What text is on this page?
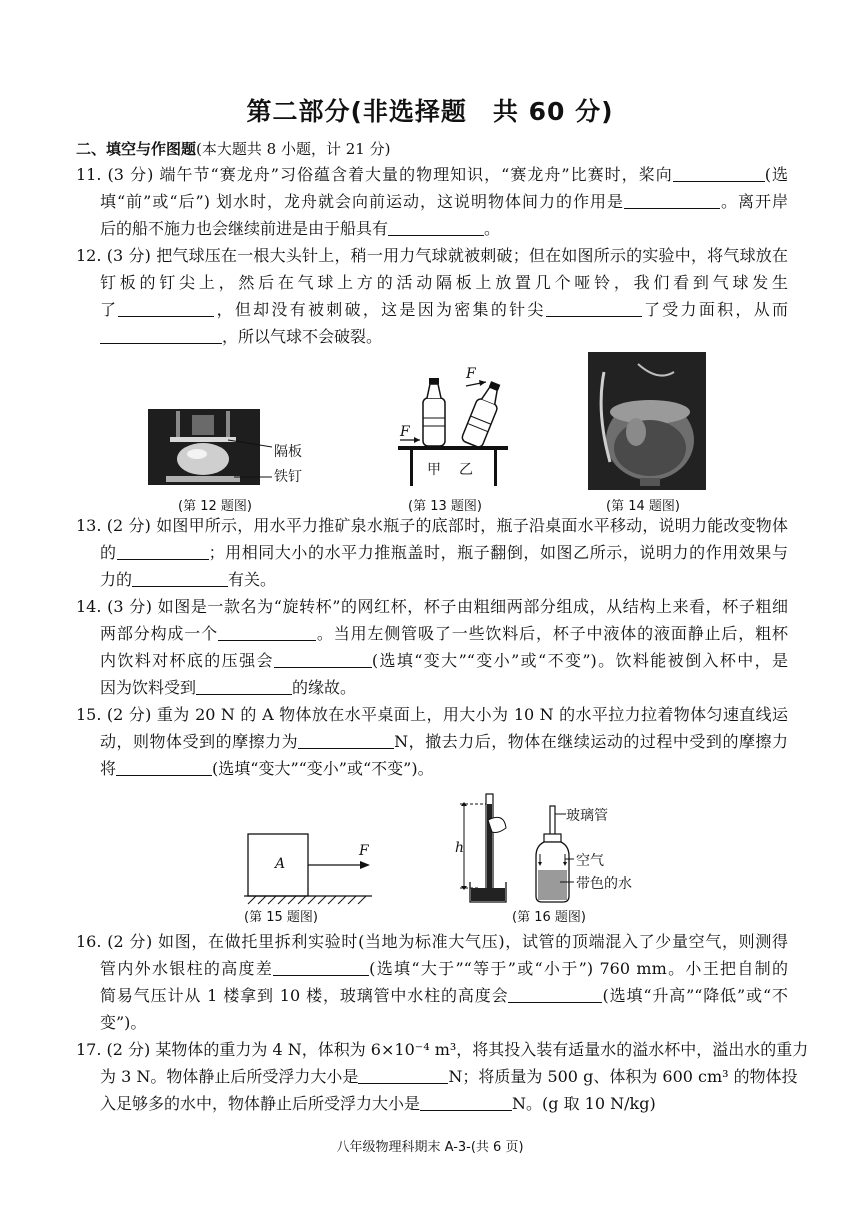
第二部分(非选择题　共 60 分)
二、填空与作图题(本大题共 8 小题，计 21 分)
11. (3 分) 端午节“赛龙舟”习俗蕴含着大量的物理知识，“赛龙舟”比赛时，桨向	(选
填“前”或“后”) 划水时，龙舟就会向前运动，这说明物体间力的作用是	。离开岸
后的船不施力也会继续前进是由于船具有	。
12. (3 分) 把气球压在一根大头针上，稍一用力气球就被刺破；但在如图所示的实验中，将气球放在
钉板的钉尖上，然后在气球上方的活动隔板上放置几个哑铃，我们看到气球发生
了	，但却没有被刺破，这是因为密集的针尖	了受力面积，从而
，所以气球不会破裂。
隔板
铁钉
(第 12 题图)
F
F
甲 乙
(第 13 题图)	(第 14 题图)
13. (2 分) 如图甲所示，用水平力推矿泉水瓶子的底部时，瓶子沿桌面水平移动，说明力能改变物体
的	；用相同大小的水平力推瓶盖时，瓶子翻倒，如图乙所示，说明力的作用效果与
力的	有关。
14. (3 分) 如图是一款名为“旋转杯”的网红杯，杯子由粗细两部分组成，从结构上来看，杯子粗细
两部分构成一个	。当用左侧管吸了一些饮料后，杯子中液体的液面静止后，粗杯
内饮料对杯底的压强会	(选填“变大”“变小”或“不变”)。饮料能被倒入杯中，是
因为饮料受到	的缘故。
15. (2 分) 重为 20 N 的 A 物体放在水平桌面上，用大小为 10 N 的水平拉力拉着物体匀速直线运
动，则物体受到的摩擦力为	N，撤去力后，物体在继续运动的过程中受到的摩擦力
将	(选填“变大”“变小”或“不变”)。
A
F
(第 15 题图)
h
玻璃管
空气
带色的水
(第 16 题图)
16. (2 分) 如图，在做托里拆利实验时(当地为标准大气压)，试管的顶端混入了少量空气，则测得
管内外水银柱的高度差	(选填“大于”“等于”或“小于”) 760 mm。小王把自制的
简易气压计从 1 楼拿到 10 楼，玻璃管中水柱的高度会	(选填“升高”“降低”或“不
变”)。
17. (2 分) 某物体的重力为 4 N，体积为 6×10⁻⁴ m³，将其投入装有适量水的溢水杯中，溢出水的重力
为 3 N。物体静止后所受浮力大小是	N；将质量为 500 g、体积为 600 cm³ 的物体投
入足够多的水中，物体静止后所受浮力大小是	N。(g 取 10 N/kg)
八年级物理科期末 A-3-(共 6 页)
